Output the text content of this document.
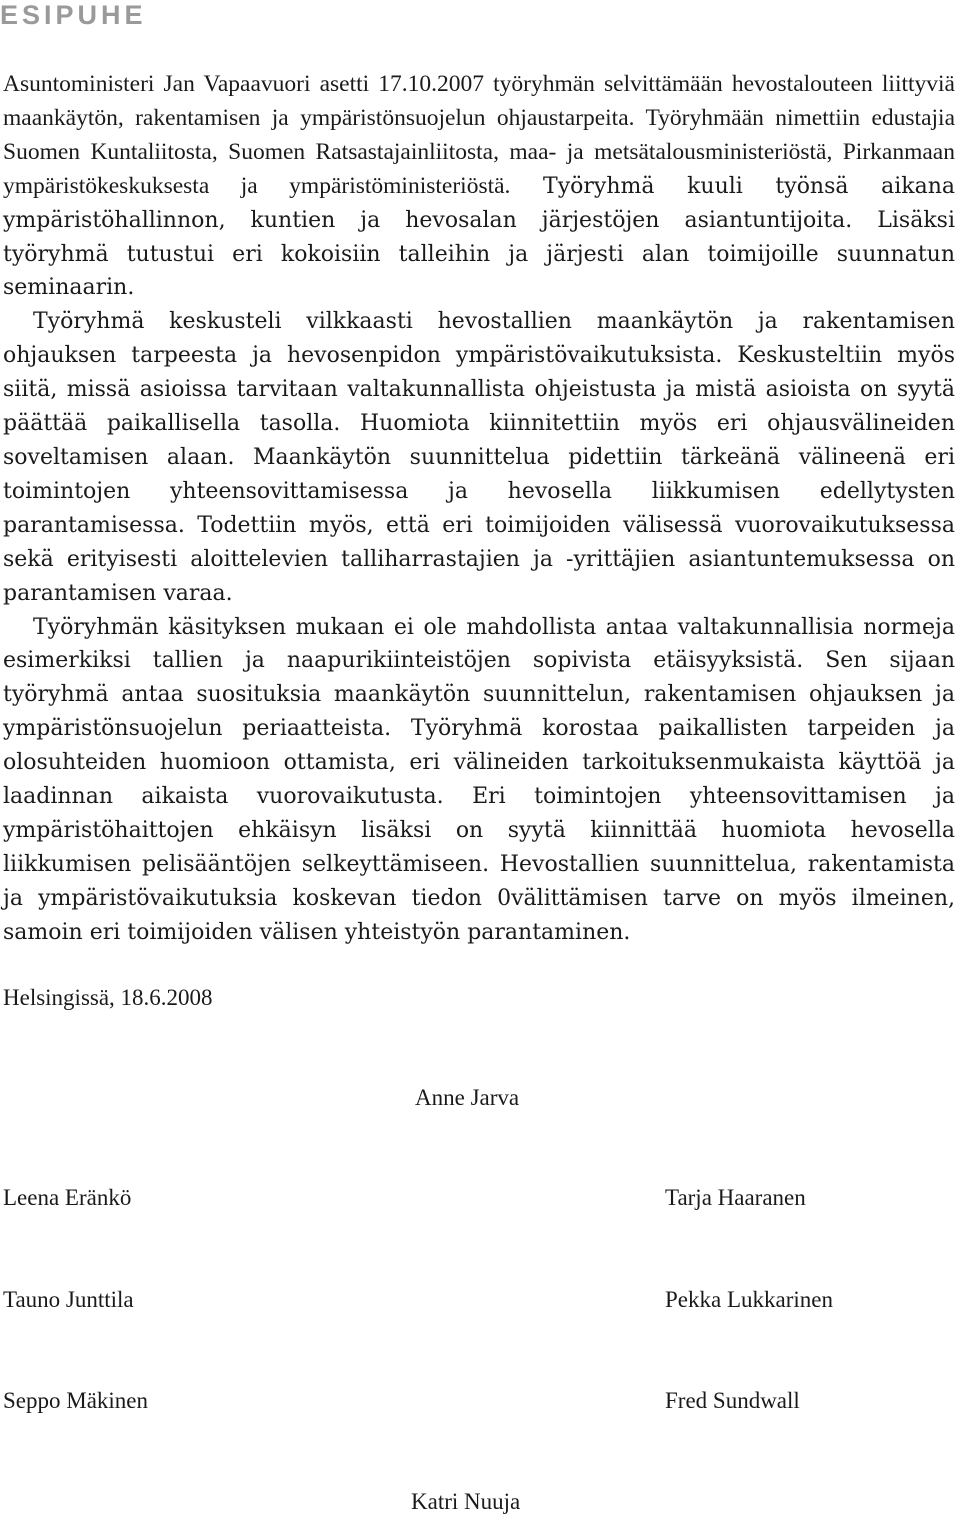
ESIPUHE

Asuntoministeri Jan Vapaavuori asetti 17.10.2007 työryhmän selvittämään hevostalouteen liittyviä maankäytön, rakentamisen ja ympäristönsuojelun ohjaustarpeita. Työryhmään nimettiin edustajia Suomen Kuntaliitosta, Suomen Ratsastajainliitosta, maa- ja metsätalousministeriöstä, Pirkanmaan ympäristökeskuksesta ja ympäristöministeriöstä. Työryhmä kuuli työnsä aikana ympäristöhallinnon, kuntien ja hevosalan järjestöjen asiantuntijoita. Lisäksi työryhmä tutustui eri kokoisiin talleihin ja järjesti alan toimijoille suunnatun seminaarin.

Työryhmä keskusteli vilkkaasti hevostallien maankäytön ja rakentamisen ohjauksen tarpeesta ja hevosenpidon ympäristövaikutuksista. Keskusteltiin myös siitä, missä asioissa tarvitaan valtakunnallista ohjeistusta ja mistä asioista on syytä päättää paikallisella tasolla. Huomiota kiinnitettiin myös eri ohjausvälineiden soveltamisen alaan. Maankäytön suunnittelua pidettiin tärkeänä välineenä eri toimintojen yhteensovittamisessa ja hevosella liikkumisen edellytysten parantamisessa. Todettiin myös, että eri toimijoiden välisessä vuorovaikutuksessa sekä erityisesti aloittelevien talliharrastajien ja -yrittäjien asiantuntemuksessa on parantamisen varaa.

Työryhmän käsityksen mukaan ei ole mahdollista antaa valtakunnallisia normeja esimerkiksi tallien ja naapurikiinteistöjen sopivista etäisyyksistä. Sen sijaan työryhmä antaa suosituksia maankäytön suunnittelun, rakentamisen ohjauksen ja ympäristönsuojelun periaatteista. Työryhmä korostaa paikallisten tarpeiden ja olosuhteiden huomioon ottamista, eri välineiden tarkoituksenmukaista käyttöä ja laadinnan aikaista vuorovaikutusta. Eri toimintojen yhteensovittamisen ja ympäristöhaittojen ehkäisyn lisäksi on syytä kiinnittää huomiota hevosella liikkumisen pelisääntöjen selkeyttämiseen. Hevostallien suunnittelua, rakentamista ja ympäristövaikutuksia koskevan tiedon 0välittämisen tarve on myös ilmeinen, samoin eri toimijoiden välisen yhteistyön parantaminen.

Helsingissä, 18.6.2008
Anne Jarva
Leena Eränkö	Tarja Haaranen
Tauno Junttila	Pekka Lukkarinen
Seppo Mäkinen	Fred Sundwall
Katri Nuuja
